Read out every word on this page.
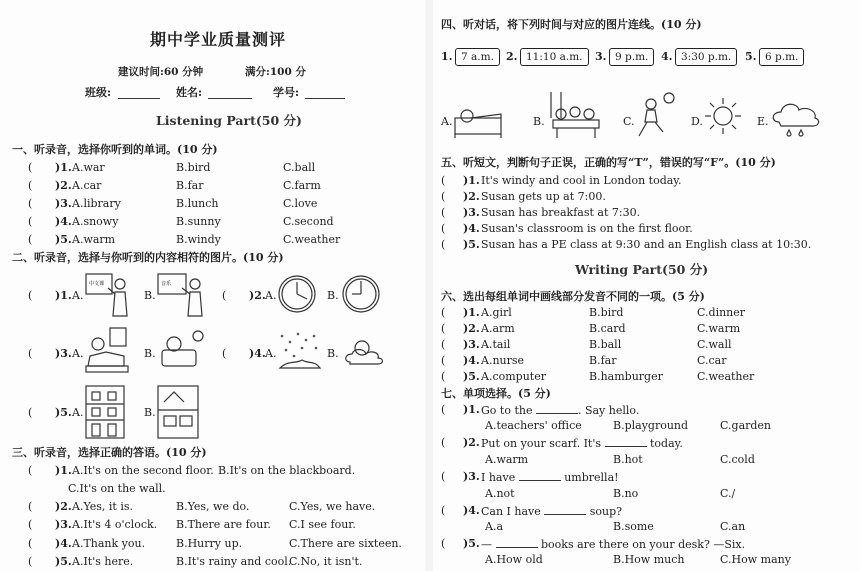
期中学业质量测评
建议时间:60 分钟	满分:100 分
班级:	姓名:	学号:
Listening Part(50 分)
一、听录音，选择你听到的单词。(10 分)
( )1. A.war	B.bird	C.ball
( )2. A.car	B.far	C.farm
( )3. A.library	B.lunch	C.love
( )4. A.snowy	B.sunny	C.second
( )5. A.warm	B.windy	C.weather
二、听录音，选择与你听到的内容相符的图片。(10 分)
( )1. A.
中文课
B.
音乐
( )2. A.	B.
( )3. A.	B.	( )4. A.	B.
( )5. A.	B.
三、听录音，选择正确的答语。(10 分)
( )1. A.It's on the second floor. B.It's on the blackboard.
C.It's on the wall.
( )2. A.Yes, it is.	B.Yes, we do.	C.Yes, we have.
( )3. A.It's 4 o'clock. B.There are four. C.I see four.
( )4. A.Thank you.	B.Hurry up.	C.There are sixteen.
( )5. A.It's here.	B.It's rainy and cool.
C.No, it isn't.
四、听对话，将下列时间与对应的图片连线。(10 分)
1. 7 a.m.	2. 11:10 a.m.	3. 9 p.m.	4. 3:30 p.m.	5. 6 p.m.
A.	B.	C.	D.	E.
五、听短文，判断句子正误，正确的写“T”，错误的写“F”。(10 分)
( )1. It's windy and cool in London today.
( )2. Susan gets up at 7:00.
( )3. Susan has breakfast at 7:30.
( )4. Susan's classroom is on the first floor.
( )5. Susan has a PE class at 9:30 and an English class at 10:30.
Writing Part(50 分)
六、选出每组单词中画线部分发音不同的一项。(5 分)
( )1. A.girl	B.bird	C.dinner
( )2. A.arm	B.card	C.warm
( )3. A.tail	B.ball	C.wall
( )4. A.nurse	B.far	C.car
( )5. A.computer	B.hamburger	C.weather
七、单项选择。(5 分)
( )1. Go to the	. Say hello.
A.teachers' office	B.playground	C.garden
( )2. Put on your scarf. It's	today.
A.warm	B.hot	C.cold
( )3. I have	umbrella!
A.not	B.no	C./
( )4. Can I have	soup?
A.a	B.some	C.an
( )5. —	books are there on your desk? —Six.
A.How old	B.How much	C.How many
